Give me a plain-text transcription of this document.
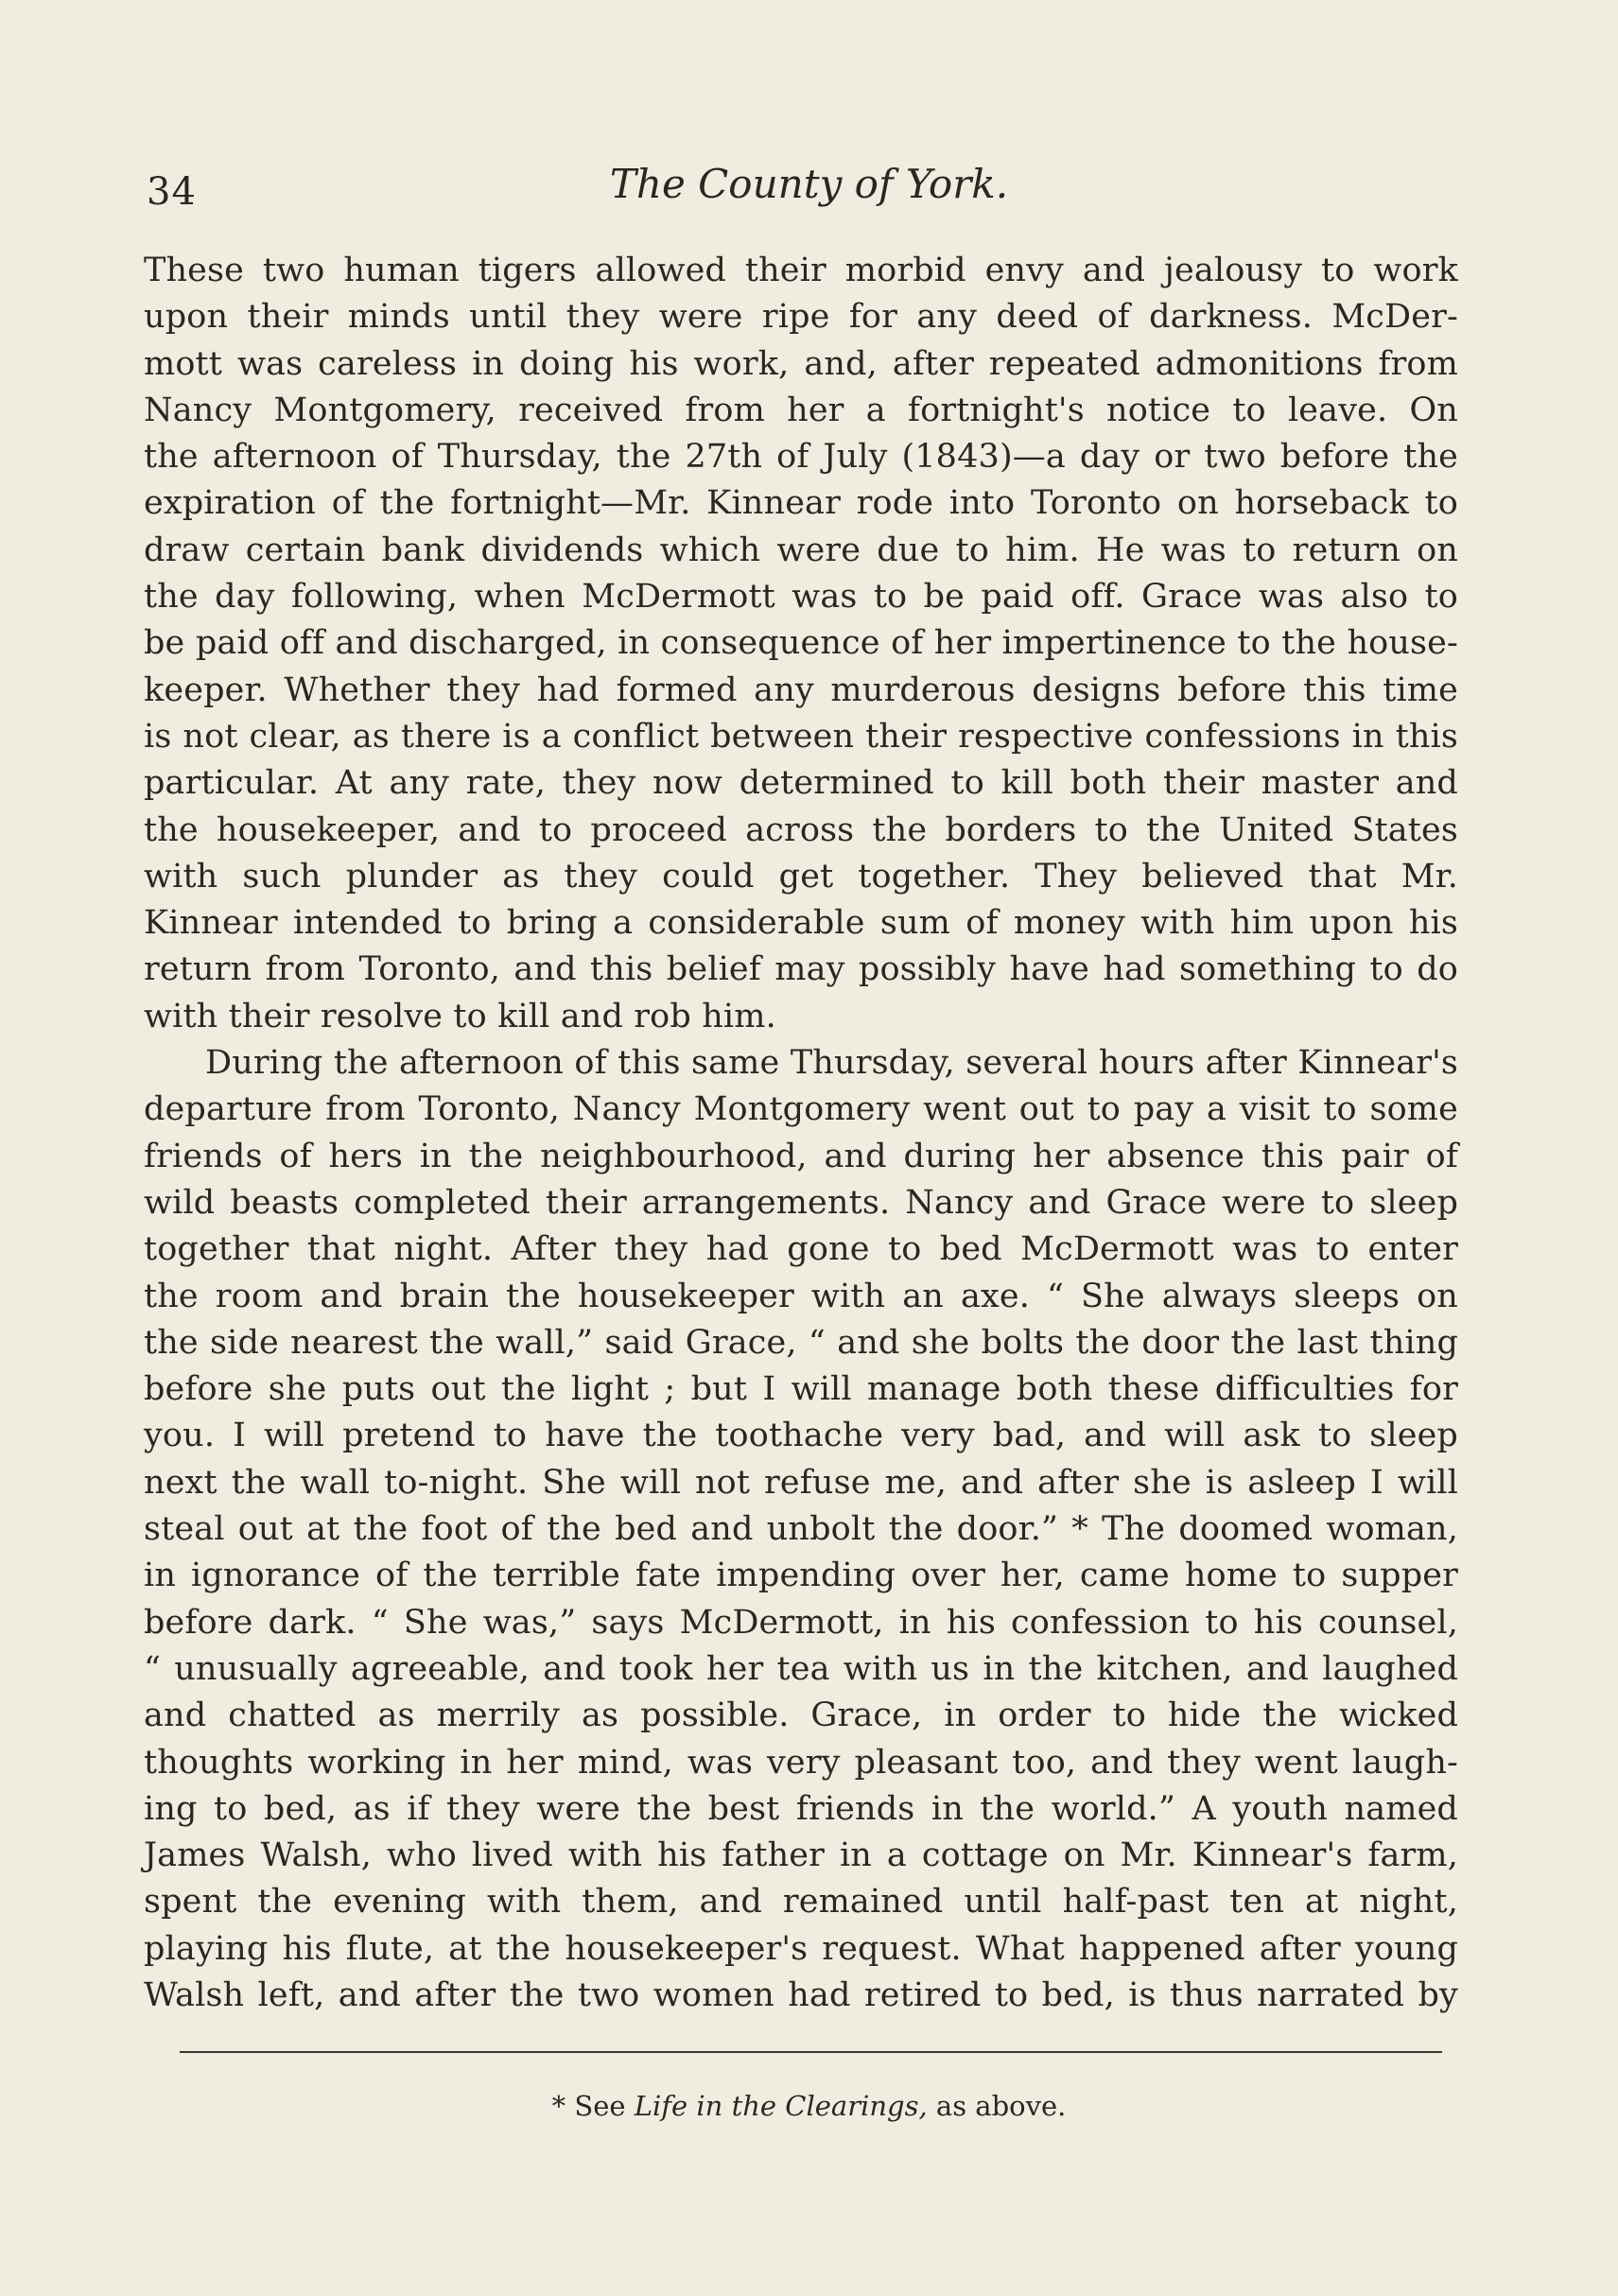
34	The County of York.
These two human tigers allowed their morbid envy and jealousy to work
upon their minds until they were ripe for any deed of darkness. McDer-
mott was careless in doing his work, and, after repeated admonitions from
Nancy Montgomery, received from her a fortnight's notice to leave. On
the afternoon of Thursday, the 27th of July (1843)—a day or two before the
expiration of the fortnight—Mr. Kinnear rode into Toronto on horseback to
draw certain bank dividends which were due to him. He was to return on
the day following, when McDermott was to be paid off. Grace was also to
be paid off and discharged, in consequence of her impertinence to the house-
keeper. Whether they had formed any murderous designs before this time
is not clear, as there is a conflict between their respective confessions in this
particular. At any rate, they now determined to kill both their master and
the housekeeper, and to proceed across the borders to the United States
with such plunder as they could get together. They believed that Mr.
Kinnear intended to bring a considerable sum of money with him upon his
return from Toronto, and this belief may possibly have had something to do
with their resolve to kill and rob him.
During the afternoon of this same Thursday, several hours after Kinnear's
departure from Toronto, Nancy Montgomery went out to pay a visit to some
friends of hers in the neighbourhood, and during her absence this pair of
wild beasts completed their arrangements. Nancy and Grace were to sleep
together that night. After they had gone to bed McDermott was to enter
the room and brain the housekeeper with an axe. “ She always sleeps on
the side nearest the wall,” said Grace, “ and she bolts the door the last thing
before she puts out the light ; but I will manage both these difficulties for
you. I will pretend to have the toothache very bad, and will ask to sleep
next the wall to-night. She will not refuse me, and after she is asleep I will
steal out at the foot of the bed and unbolt the door.” * The doomed woman,
in ignorance of the terrible fate impending over her, came home to supper
before dark. “ She was,” says McDermott, in his confession to his counsel,
“ unusually agreeable, and took her tea with us in the kitchen, and laughed
and chatted as merrily as possible. Grace, in order to hide the wicked
thoughts working in her mind, was very pleasant too, and they went laugh-
ing to bed, as if they were the best friends in the world.” A youth named
James Walsh, who lived with his father in a cottage on Mr. Kinnear's farm,
spent the evening with them, and remained until half-past ten at night,
playing his flute, at the housekeeper's request. What happened after young
Walsh left, and after the two women had retired to bed, is thus narrated by
* See Life in the Clearings, as above.
